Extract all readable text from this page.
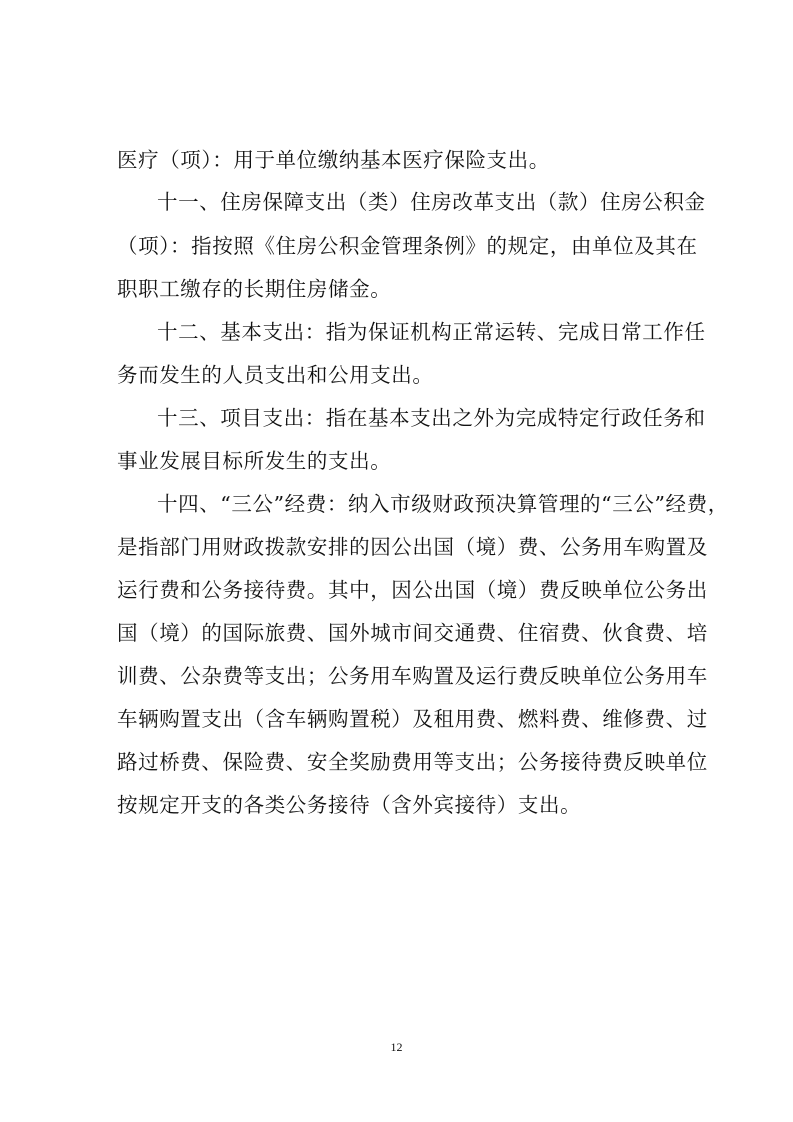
医疗（项）：用于单位缴纳基本医疗保险支出。
十一、住房保障支出（类）住房改革支出（款）住房公积金
（项）：指按照《住房公积金管理条例》的规定，由单位及其在
职职工缴存的长期住房储金。
十二、基本支出：指为保证机构正常运转、完成日常工作任
务而发生的人员支出和公用支出。
十三、项目支出：指在基本支出之外为完成特定行政任务和
事业发展目标所发生的支出。
十四、“三公”经费：纳入市级财政预决算管理的“三公”经费，
是指部门用财政拨款安排的因公出国（境）费、公务用车购置及
运行费和公务接待费。其中，因公出国（境）费反映单位公务出
国（境）的国际旅费、国外城市间交通费、住宿费、伙食费、培
训费、公杂费等支出；公务用车购置及运行费反映单位公务用车
车辆购置支出（含车辆购置税）及租用费、燃料费、维修费、过
路过桥费、保险费、安全奖励费用等支出；公务接待费反映单位
按规定开支的各类公务接待（含外宾接待）支出。
12
